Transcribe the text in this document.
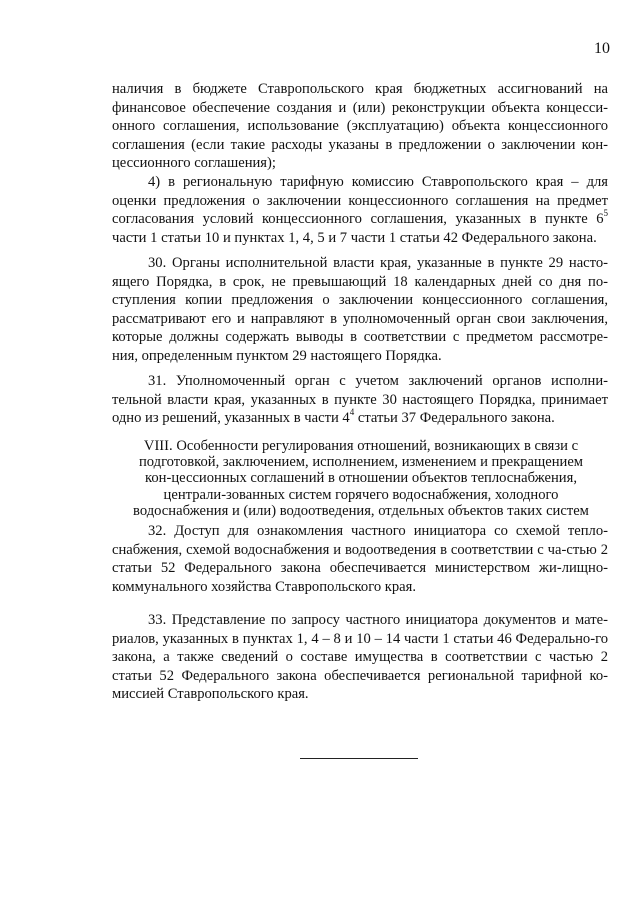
10

наличия в бюджете Ставропольского края бюджетных ассигнований на финансовое обеспечение создания и (или) реконструкции объекта концесси-онного соглашения, использование (эксплуатацию) объекта концессионного соглашения (если такие расходы указаны в предложении о заключении кон-цессионного соглашения);

4) в региональную тарифную комиссию Ставропольского края – для оценки предложения о заключении концессионного соглашения на предмет согласования условий концессионного соглашения, указанных в пункте $6^5$ части 1 статьи 10 и пунктах 1, 4, 5 и 7 части 1 статьи 42 Федерального закона.

30. Органы исполнительной власти края, указанные в пункте 29 насто-ящего Порядка, в срок, не превышающий 18 календарных дней со дня по-ступления копии предложения о заключении концессионного соглашения, рассматривают его и направляют в уполномоченный орган свои заключения, которые должны содержать выводы в соответствии с предметом рассмотре-ния, определенным пунктом 29 настоящего Порядка.

31. Уполномоченный орган с учетом заключений органов исполни-тельной власти края, указанных в пункте 30 настоящего Порядка, принимает одно из решений, указанных в части $4^4$ статьи 37 Федерального закона.

VIII. Особенности регулирования отношений, возникающих в связи с подготовкой, заключением, исполнением, изменением и прекращением кон-цессионных соглашений в отношении объектов теплоснабжения, централи-зованных систем горячего водоснабжения, холодного водоснабжения и (или) водоотведения, отдельных объектов таких систем
32. Доступ для ознакомления частного инициатора со схемой тепло-снабжения, схемой водоснабжения и водоотведения в соответствии с ча-стью 2 статьи 52 Федерального закона обеспечивается министерством жи-лищно-коммунального хозяйства Ставропольского края.
33. Представление по запросу частного инициатора документов и мате-риалов, указанных в пунктах 1, 4 – 8 и 10 – 14 части 1 статьи 46 Федерально-го закона, а также сведений о составе имущества в соответствии с частью 2 статьи 52 Федерального закона обеспечивается региональной тарифной ко-миссией Ставропольского края.
